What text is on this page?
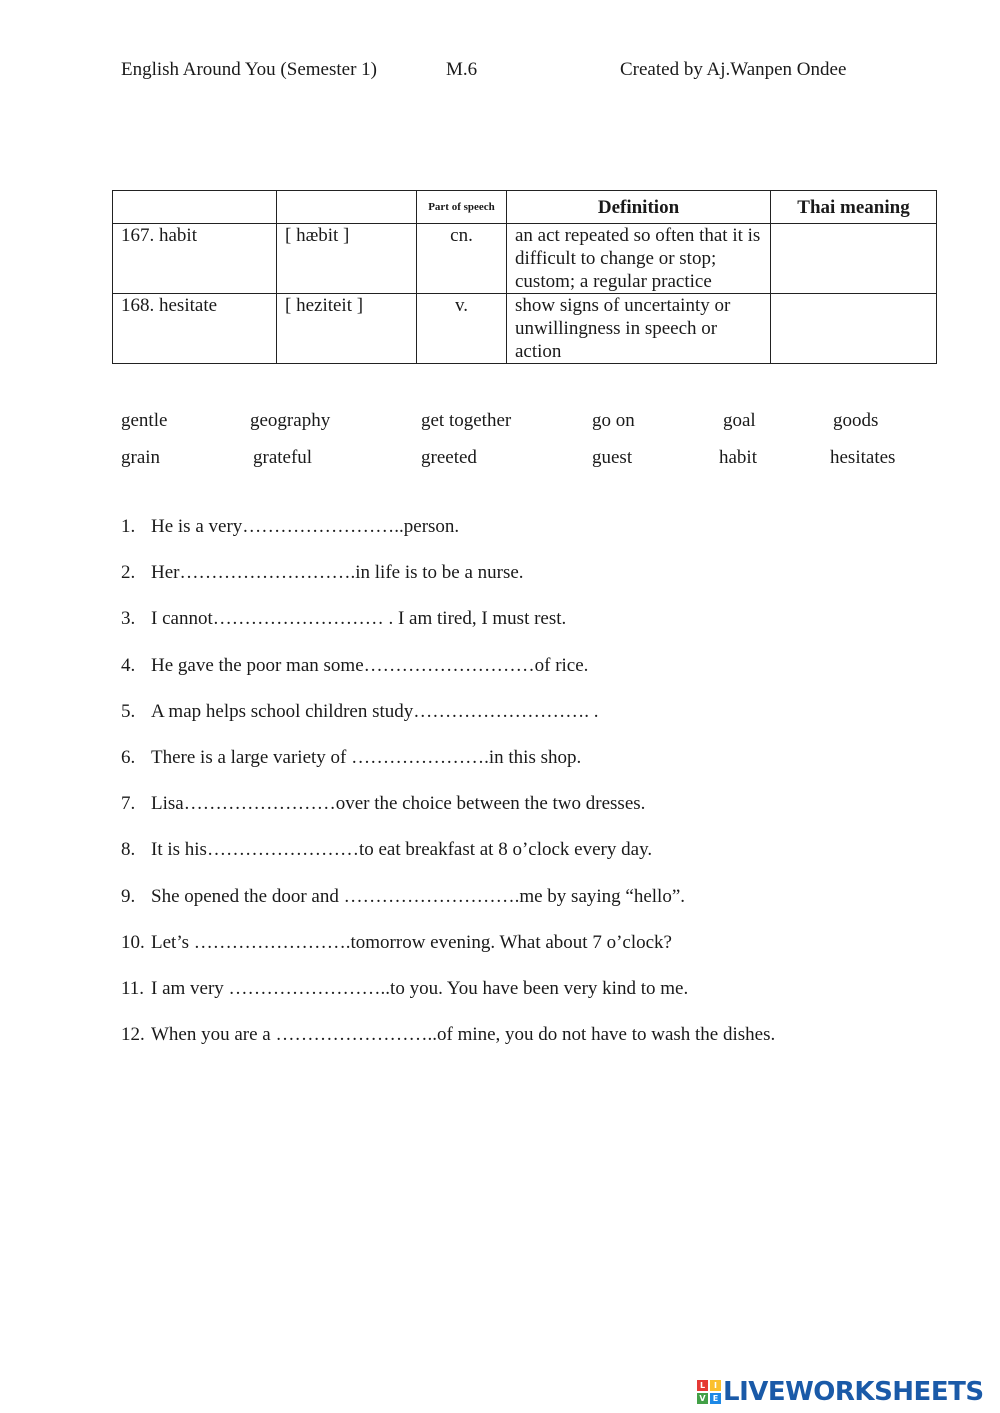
English Around You (Semester 1)	M.6	Created by Aj.Wanpen Ondee
		Part of speech	Definition	Thai meaning
167. habit	[ hæbit ]	cn.	an act repeated so often that it is difficult to change or stop; custom; a regular practice	
168. hesitate	[ heziteit ]	v.	show signs of uncertainty or unwillingness in speech or action	
gentle	geography	get together	go on	goal	goods
grain	grateful	greeted	guest	habit	hesitates
1. He is a very……………………..person.
2. Her……………………….in life is to be a nurse.
3. I cannot……………………… . I am tired, I must rest.
4. He gave the poor man some………………………of rice.
5. A map helps school children study………………………. .
6. There is a large variety of ………………….in this shop.
7. Lisa……………………over the choice between the two dresses.
8. It is his……………………to eat breakfast at 8 o’clock every day.
9. She opened the door and ……………………….me by saying “hello”.
10. Let’s …………………….tomorrow evening. What about 7 o’clock?
11. I am very ……………………..to you. You have been very kind to me.
12. When you are a ……………………..of mine, you do not have to wash the dishes.
L	I
V E LIVEWORKSHEETS
